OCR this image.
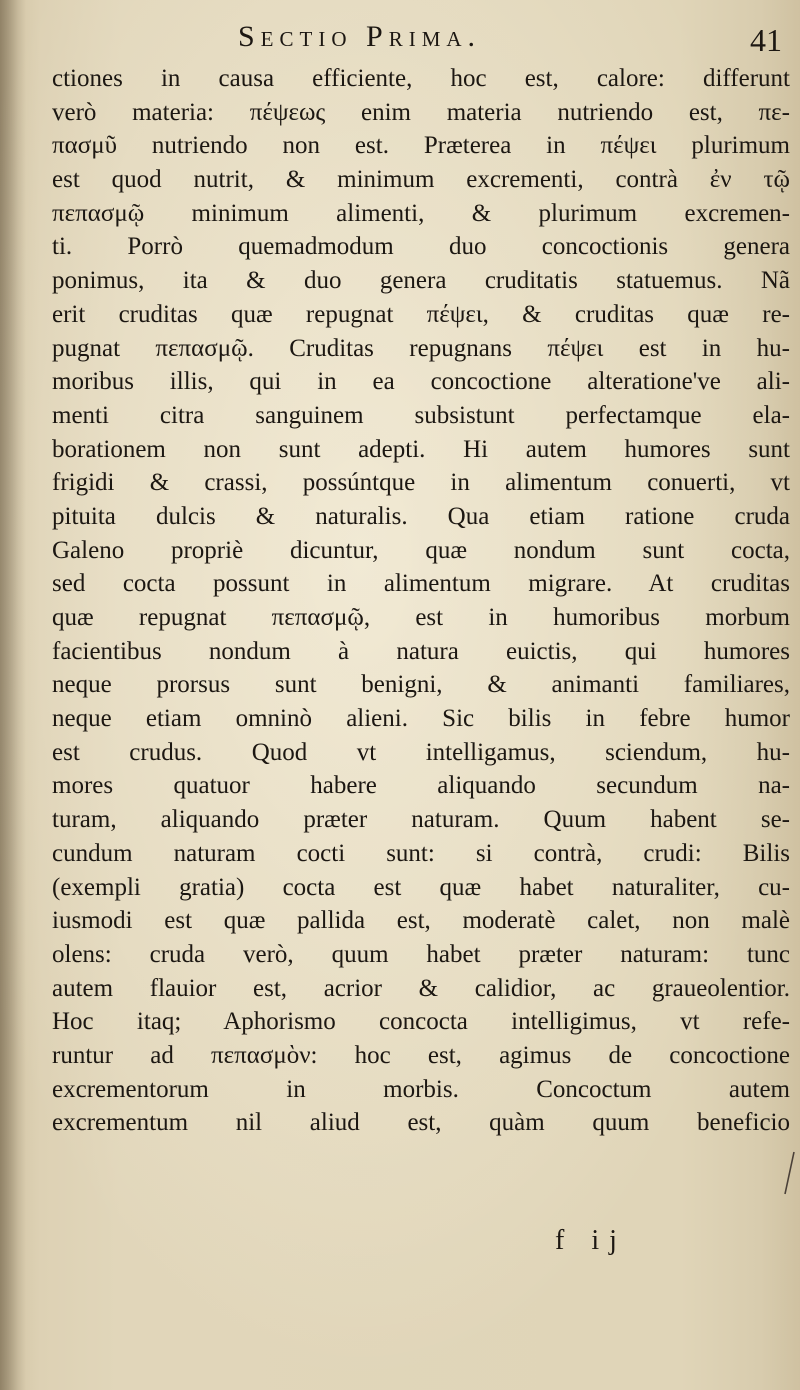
Sectio Prima.	41
ctiones in causa efficiente, hoc est, calore: differunt
verò materia: πέψεως enim materia nutriendo est, πε-
πασμῦ nutriendo non est. Præterea in πέψει plurimum
est quod nutrit, & minimum excrementi, contrà ἐν τῷ
πεπασμῷ minimum alimenti, & plurimum excremen-
ti. Porrò quemadmodum duo concoctionis genera
ponimus, ita & duo genera cruditatis statuemus. Nã
erit cruditas quæ repugnat πέψει, & cruditas quæ re-
pugnat πεπασμῷ. Cruditas repugnans πέψει est in hu-
moribus illis, qui in ea concoctione alteratione've ali-
menti citra sanguinem subsistunt perfectamque ela-
borationem non sunt adepti. Hi autem humores sunt
frigidi & crassi, possúntque in alimentum conuerti, vt
pituita dulcis & naturalis. Qua etiam ratione cruda
Galeno propriè dicuntur, quæ nondum sunt cocta,
sed cocta possunt in alimentum migrare. At cruditas
quæ repugnat πεπασμῷ, est in humoribus morbum
facientibus nondum à natura euictis, qui humores
neque prorsus sunt benigni, & animanti familiares,
neque etiam omninò alieni. Sic bilis in febre humor
est crudus. Quod vt intelligamus, sciendum, hu-
mores quatuor habere aliquando secundum na-
turam, aliquando præter naturam. Quum habent se-
cundum naturam cocti sunt: si contrà, crudi: Bilis
(exempli gratia) cocta est quæ habet naturaliter, cu-
iusmodi est quæ pallida est, moderatè calet, non malè
olens: cruda verò, quum habet præter naturam: tunc
autem flauior est, acrior & calidior, ac graueolentior.
Hoc itaq; Aphorismo concocta intelligimus, vt refe-
runtur ad πεπασμὸν: hoc est, agimus de concoctione
excrementorum in morbis. Concoctum autem
excrementum nil aliud est, quàm quum beneficio
f ij
